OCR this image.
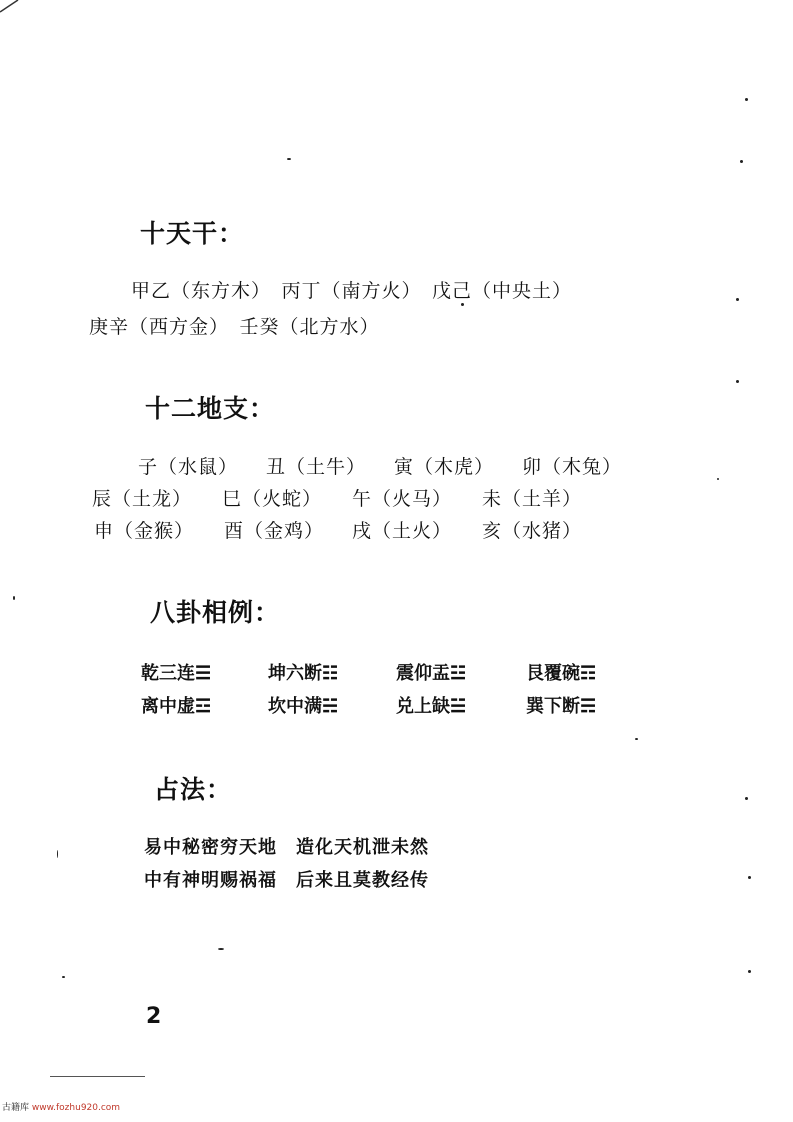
十天干：
甲乙（东方木）　丙丁（南方火）　戊己（中央土）
庚辛（西方金）　壬癸（北方水）
十二地支：
子（水鼠） 丑（土牛） 寅（木虎） 卯（木兔）
辰（土龙） 巳（火蛇） 午（火马） 未（土羊）
申（金猴） 酉（金鸡） 戌（土火） 亥（水猪）
八卦相例：
乾三连☰	坤六断☷	震仰盂☳	艮覆碗☶
离中虚☲	坎中满☵	兑上缺☱	巽下断☴
占法：
易中秘密穷天地　造化天机泄未然
中有神明赐祸福　后来且莫教经传
2
古籍库 www.fozhu920.com
